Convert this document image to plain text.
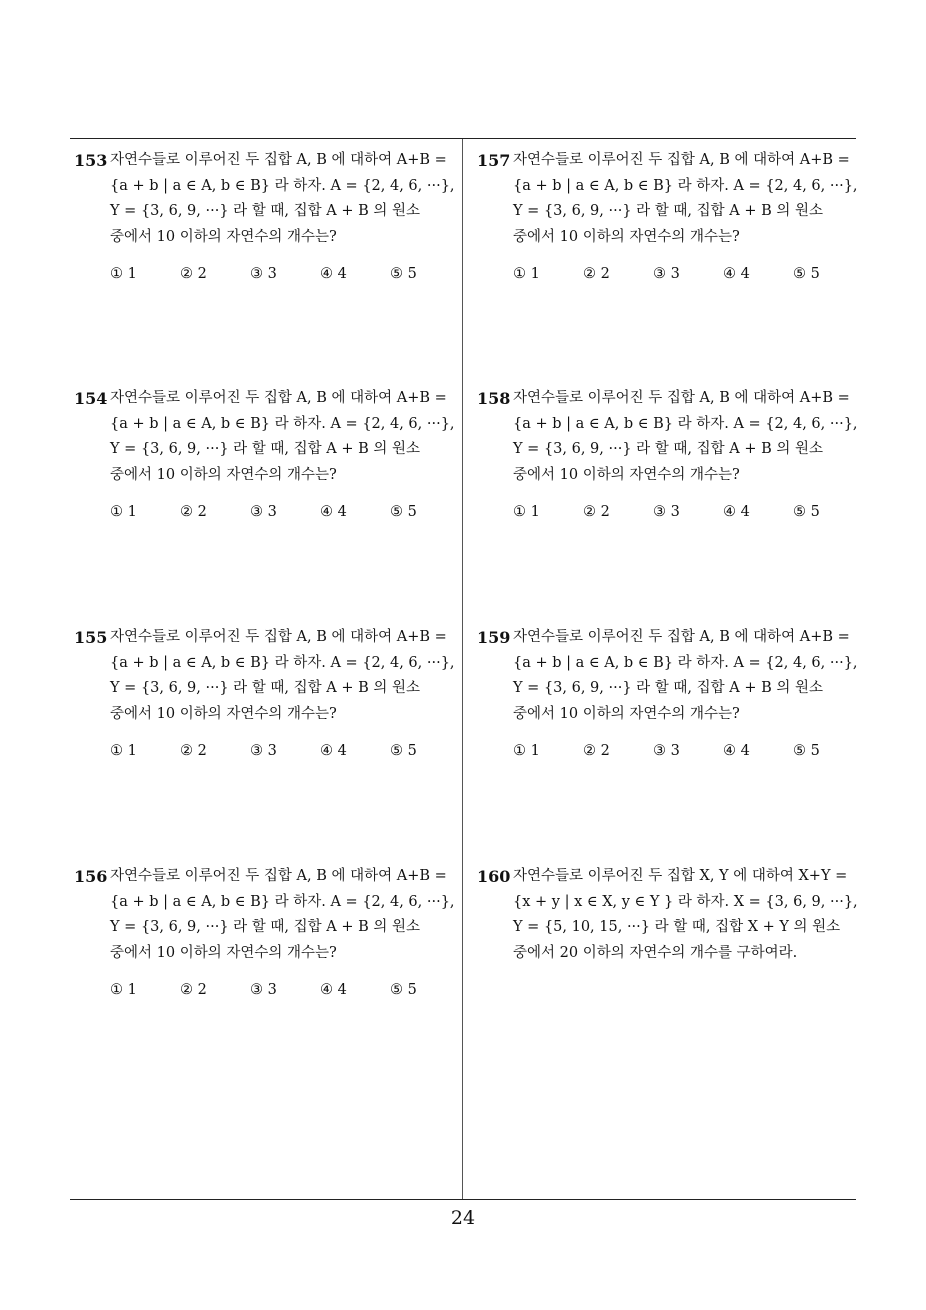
153 자연수들로 이루어진 두 집합 A, B 에 대하여 A+B =
{a + b | a ∈ A, b ∈ B} 라 하자. A = {2, 4, 6, ···},
Y = {3, 6, 9, ···} 라 할 때, 집합 A + B 의 원소
중에서 10 이하의 자연수의 개수는?
① 1	② 2	③ 3	④ 4	⑤ 5
154 자연수들로 이루어진 두 집합 A, B 에 대하여 A+B =
{a + b | a ∈ A, b ∈ B} 라 하자. A = {2, 4, 6, ···},
Y = {3, 6, 9, ···} 라 할 때, 집합 A + B 의 원소
중에서 10 이하의 자연수의 개수는?
① 1	② 2	③ 3	④ 4	⑤ 5
155 자연수들로 이루어진 두 집합 A, B 에 대하여 A+B =
{a + b | a ∈ A, b ∈ B} 라 하자. A = {2, 4, 6, ···},
Y = {3, 6, 9, ···} 라 할 때, 집합 A + B 의 원소
중에서 10 이하의 자연수의 개수는?
① 1	② 2	③ 3	④ 4	⑤ 5
156 자연수들로 이루어진 두 집합 A, B 에 대하여 A+B =
{a + b | a ∈ A, b ∈ B} 라 하자. A = {2, 4, 6, ···},
Y = {3, 6, 9, ···} 라 할 때, 집합 A + B 의 원소
중에서 10 이하의 자연수의 개수는?
① 1	② 2	③ 3	④ 4	⑤ 5
157 자연수들로 이루어진 두 집합 A, B 에 대하여 A+B =
{a + b | a ∈ A, b ∈ B} 라 하자. A = {2, 4, 6, ···},
Y = {3, 6, 9, ···} 라 할 때, 집합 A + B 의 원소
중에서 10 이하의 자연수의 개수는?
① 1	② 2	③ 3	④ 4	⑤ 5
158 자연수들로 이루어진 두 집합 A, B 에 대하여 A+B =
{a + b | a ∈ A, b ∈ B} 라 하자. A = {2, 4, 6, ···},
Y = {3, 6, 9, ···} 라 할 때, 집합 A + B 의 원소
중에서 10 이하의 자연수의 개수는?
① 1	② 2	③ 3	④ 4	⑤ 5
159 자연수들로 이루어진 두 집합 A, B 에 대하여 A+B =
{a + b | a ∈ A, b ∈ B} 라 하자. A = {2, 4, 6, ···},
Y = {3, 6, 9, ···} 라 할 때, 집합 A + B 의 원소
중에서 10 이하의 자연수의 개수는?
① 1	② 2	③ 3	④ 4	⑤ 5
160 자연수들로 이루어진 두 집합 X, Y 에 대하여 X+Y =
{x + y | x ∈ X, y ∈ Y } 라 하자. X = {3, 6, 9, ···},
Y = {5, 10, 15, ···} 라 할 때, 집합 X + Y 의 원소
중에서 20 이하의 자연수의 개수를 구하여라.
24
